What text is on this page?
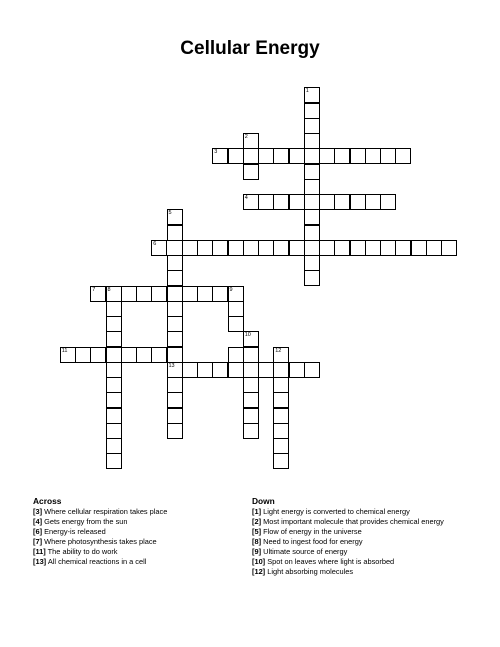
Cellular Energy
1
2
3
4
5
13
6
8
7	9
10
11	12
Across
[3] Where cellular respiration takes place
[4] Gets energy from the sun
[6] Energy-is released
[7] Where photosynthesis takes place
[11] The ability to do work
[13] All chemical reactions in a cell
Down
[1] Light energy is converted to chemical energy
[2] Most important molecule that provides chemical energy
[5] Flow of energy in the universe
[8] Need to ingest food for energy
[9] Ultimate source of energy
[10] Spot on leaves where light is absorbed
[12] Light absorbing molecules
